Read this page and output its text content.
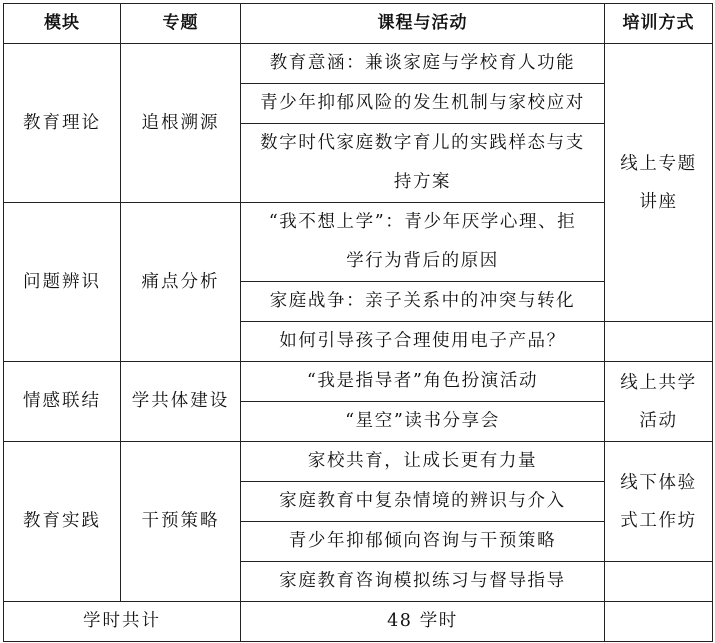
模块	专题	课程与活动	培训方式
教育理论	追根溯源	教育意涵：兼谈家庭与学校育人功能	线上专题
讲座

		青少年抑郁风险的发生机制与家校应对	

		数字时代家庭数字育儿的实践样态与支
持方案	

问题辨识	痛点分析	“我不想上学”：青少年厌学心理、拒
学行为背后的原因	

		家庭战争：亲子关系中的冲突与转化	
		如何引导孩子合理使用电子产品？	
情感联结	学共体建设	“我是指导者”角色扮演活动	线上共学
活动

		“星空”读书分享会	
教育实践	干预策略	家校共育，让成长更有力量	线下体验
式工作坊

		家庭教育中复杂情境的辨识与介入	
		青少年抑郁倾向咨询与干预策略	
		家庭教育咨询模拟练习与督导指导	
学时共计		48 学时	
